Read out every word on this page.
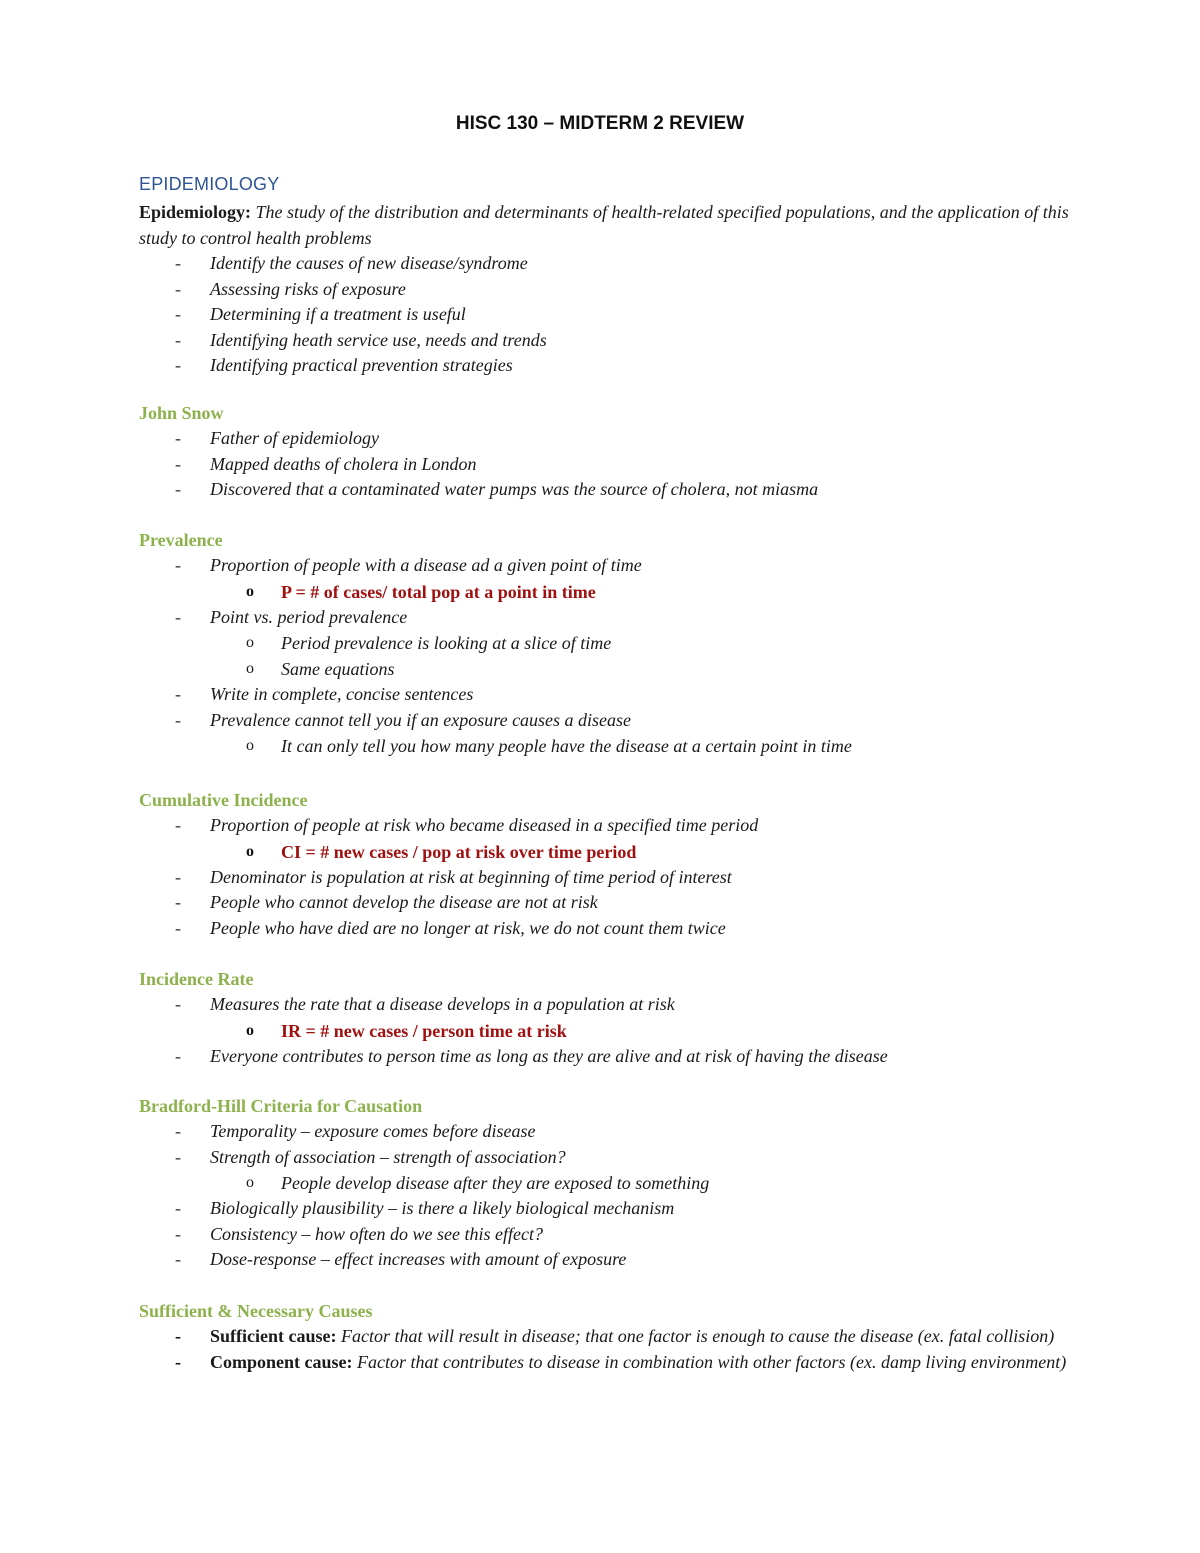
HISC 130 – MIDTERM 2 REVIEW
EPIDEMIOLOGY
Epidemiology: The study of the distribution and determinants of health-related specified populations, and the application of this study to control health problems
- Identify the causes of new disease/syndrome
- Assessing risks of exposure
- Determining if a treatment is useful
- Identifying heath service use, needs and trends
- Identifying practical prevention strategies
John Snow
- Father of epidemiology
- Mapped deaths of cholera in London
- Discovered that a contaminated water pumps was the source of cholera, not miasma
Prevalence
- Proportion of people with a disease ad a given point of time
o P = # of cases/ total pop at a point in time
- Point vs. period prevalence
o Period prevalence is looking at a slice of time
o Same equations
- Write in complete, concise sentences
- Prevalence cannot tell you if an exposure causes a disease
o It can only tell you how many people have the disease at a certain point in time
Cumulative Incidence
- Proportion of people at risk who became diseased in a specified time period
o CI = # new cases / pop at risk over time period
- Denominator is population at risk at beginning of time period of interest
- People who cannot develop the disease are not at risk
- People who have died are no longer at risk, we do not count them twice
Incidence Rate
- Measures the rate that a disease develops in a population at risk
o IR = # new cases / person time at risk
- Everyone contributes to person time as long as they are alive and at risk of having the disease
Bradford-Hill Criteria for Causation
- Temporality – exposure comes before disease
- Strength of association – strength of association?
o People develop disease after they are exposed to something
- Biologically plausibility – is there a likely biological mechanism
- Consistency – how often do we see this effect?
- Dose-response – effect increases with amount of exposure
Sufficient & Necessary Causes
- Sufficient cause: Factor that will result in disease; that one factor is enough to cause the disease (ex. fatal collision)
- Component cause: Factor that contributes to disease in combination with other factors (ex. damp living environment)
